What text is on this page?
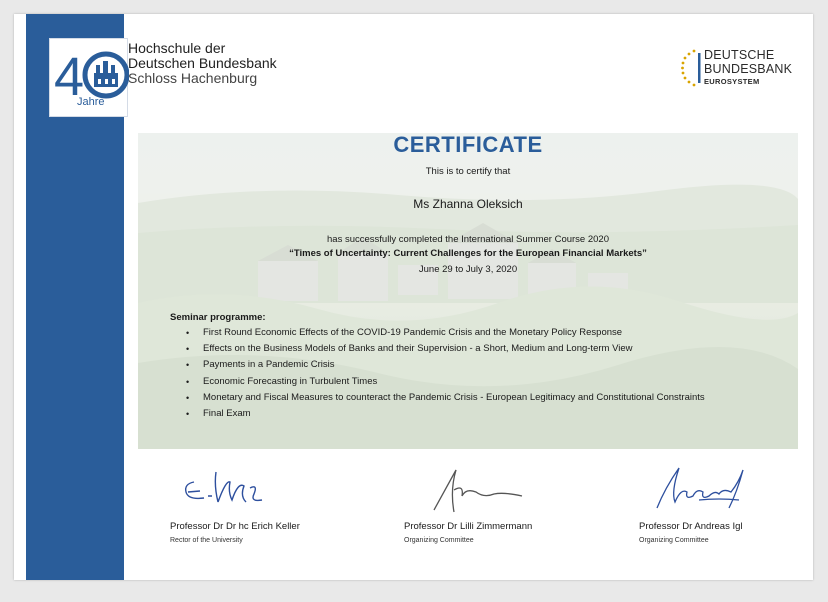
4
Jahre
Hochschule der
Deutschen Bundesbank
Schloss Hachenburg
DEUTSCHE
BUNDESBANK
EUROSYSTEM
CERTIFICATE
This is to certify that
Ms Zhanna Oleksich
has successfully completed the International Summer Course 2020
“Times of Uncertainty: Current Challenges for the European Financial Markets”
June 29 to July 3, 2020
Seminar programme:
• First Round Economic Effects of the COVID-19 Pandemic Crisis and the Monetary Policy Response
• Effects on the Business Models of Banks and their Supervision - a Short, Medium and Long-term View
• Payments in a Pandemic Crisis
• Economic Forecasting in Turbulent Times
• Monetary and Fiscal Measures to counteract the Pandemic Crisis - European Legitimacy and Constitutional Constraints
• Final Exam
Professor Dr Dr hc Erich Keller
Rector of the University
Professor Dr Lilli Zimmermann
Organizing Committee
Professor Dr Andreas Igl
Organizing Committee
